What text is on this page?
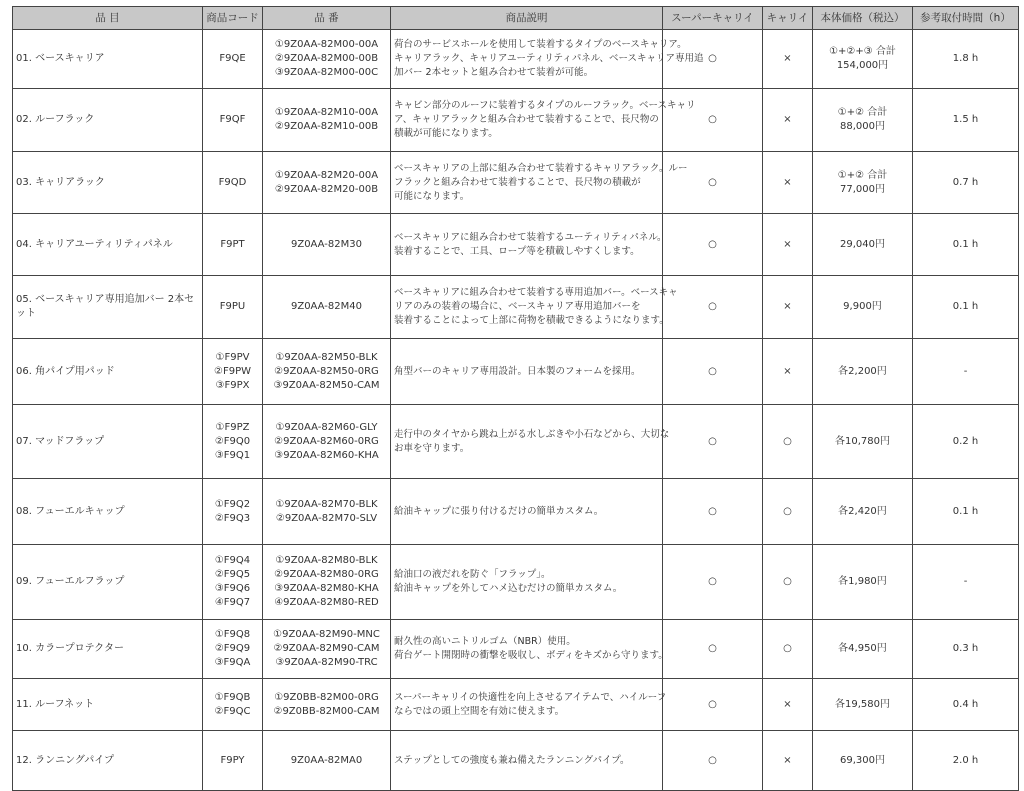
品 目	商品コード	品 番	商品説明	スーパーキャリイ	キャリイ	本体価格（税込）	参考取付時間（h）
01. ベースキャリア	F9QE	①9Z0AA-82M00-00A
②9Z0AA-82M00-00B
③9Z0AA-82M00-00C	荷台のサービスホールを使用して装着するタイプのベースキャリア。
キャリアラック、キャリアユーティリティパネル、ベースキャリア専用追
加バー 2本セットと組み合わせて装着が可能。	○	×	①+②+③ 合計
154,000円	1.8 h
02. ルーフラック	F9QF	①9Z0AA-82M10-00A
②9Z0AA-82M10-00B	キャビン部分のルーフに装着するタイプのルーフラック。ベースキャリ
ア、キャリアラックと組み合わせて装着することで、長尺物の
積載が可能になります。	○	×	①+② 合計
88,000円	1.5 h
03. キャリアラック	F9QD	①9Z0AA-82M20-00A
②9Z0AA-82M20-00B	ベースキャリアの上部に組み合わせて装着するキャリアラック。ルー
フラックと組み合わせて装着することで、長尺物の積載が
可能になります。	○	×	①+② 合計
77,000円	0.7 h
04. キャリアユーティリティパネル	F9PT	9Z0AA-82M30	ベースキャリアに組み合わせて装着するユーティリティパネル。
装着することで、工具、ロープ等を積載しやすくします。	○	×	29,040円	0.1 h
05. ベースキャリア専用追加バー 2本セット	F9PU	9Z0AA-82M40	ベースキャリアに組み合わせて装着する専用追加バー。ベースキャ
リアのみの装着の場合に、ベースキャリア専用追加バーを
装着することによって上部に荷物を積載できるようになります。	○	×	9,900円	0.1 h
06. 角パイプ用パッド	①F9PV
②F9PW
③F9PX	①9Z0AA-82M50-BLK
②9Z0AA-82M50-0RG
③9Z0AA-82M50-CAM	角型バーのキャリア専用設計。日本製のフォームを採用。	○	×	各2,200円	-
07. マッドフラップ	①F9PZ
②F9Q0
③F9Q1	①9Z0AA-82M60-GLY
②9Z0AA-82M60-0RG
③9Z0AA-82M60-KHA	走行中のタイヤから跳ね上がる水しぶきや小石などから、大切な
お車を守ります。	○	○	各10,780円	0.2 h
08. フューエルキャップ	①F9Q2
②F9Q3	①9Z0AA-82M70-BLK
②9Z0AA-82M70-SLV	給油キャップに張り付けるだけの簡単カスタム。	○	○	各2,420円	0.1 h
09. フューエルフラップ	①F9Q4
②F9Q5
③F9Q6
④F9Q7	①9Z0AA-82M80-BLK
②9Z0AA-82M80-0RG
③9Z0AA-82M80-KHA
④9Z0AA-82M80-RED	給油口の液だれを防ぐ「フラップ」。
給油キャップを外してハメ込むだけの簡単カスタム。	○	○	各1,980円	-
10. カラープロテクター	①F9Q8
②F9Q9
③F9QA	①9Z0AA-82M90-MNC
②9Z0AA-82M90-CAM
③9Z0AA-82M90-TRC	耐久性の高いニトリルゴム（NBR）使用。
荷台ゲート開閉時の衝撃を吸収し、ボディをキズから守ります。	○	○	各4,950円	0.3 h
11. ルーフネット	①F9QB
②F9QC	①9Z0BB-82M00-0RG
②9Z0BB-82M00-CAM	スーパーキャリイの快適性を向上させるアイテムで、ハイルーフ
ならではの頭上空間を有効に使えます。	○	×	各19,580円	0.4 h
12. ランニングパイプ	F9PY	9Z0AA-82MA0	ステップとしての強度も兼ね備えたランニングパイプ。	○	×	69,300円	2.0 h
